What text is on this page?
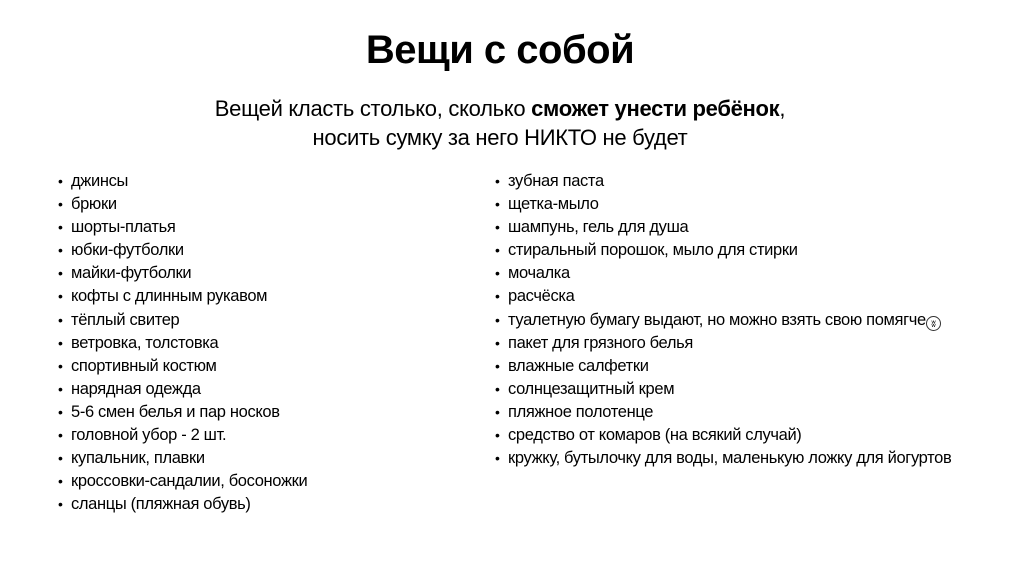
Вещи с собой
Вещей класть столько, сколько сможет унести ребёнок,
носить сумку за него НИКТО не будет
• джинсы
• брюки
• шорты-платья
• юбки-футболки
• майки-футболки
• кофты с длинным рукавом
• тёплый свитер
• ветровка, толстовка
• спортивный костюм
• нарядная одежда
• 5-6 смен белья и пар носков
• головной убор - 2 шт.
• купальник, плавки
• кроссовки-сандалии, босоножки
• сланцы (пляжная обувь)
• зубная паста
• щетка-мыло
• шампунь, гель для душа
• стиральный порошок, мыло для стирки
• мочалка
• расчёска
• туалетную бумагу выдают, но можно взять свою помягче ʬ
• пакет для грязного белья
• влажные салфетки
• солнцезащитный крем
• пляжное полотенце
• средство от комаров (на всякий случай)
• кружку, бутылочку для воды, маленькую ложку для йогуртов
